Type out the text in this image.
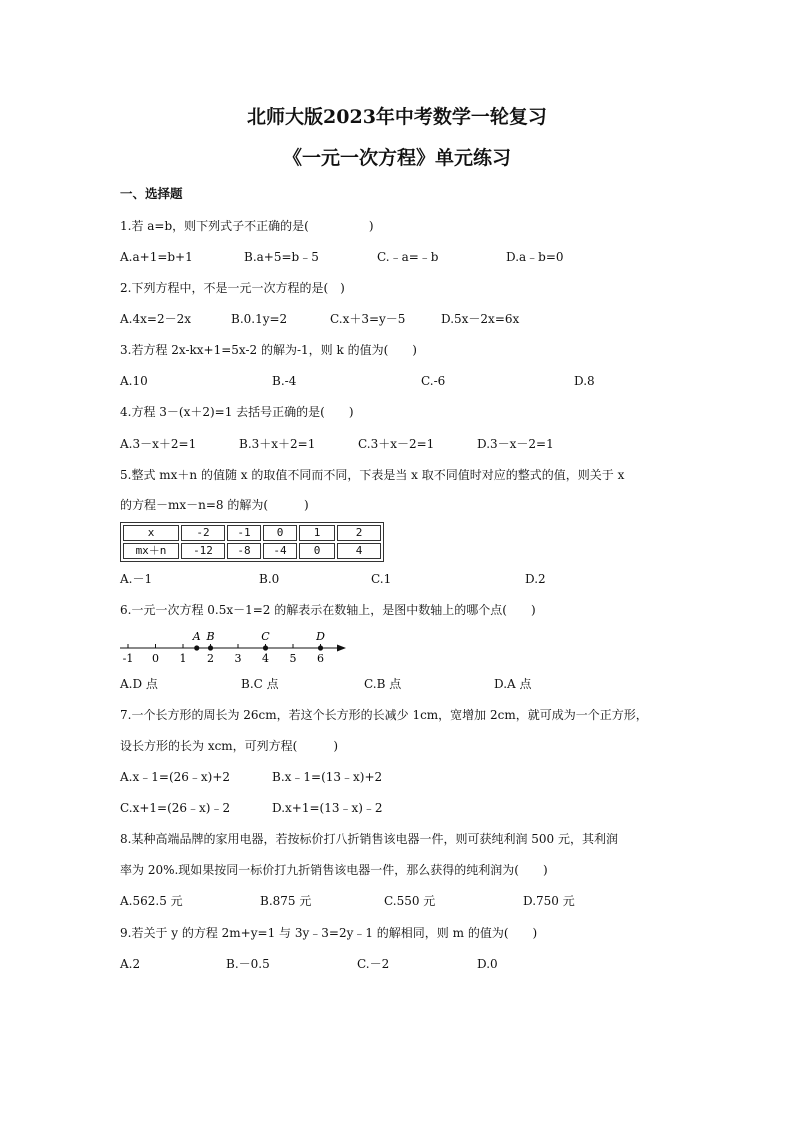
北师大版2023年中考数学一轮复习
《一元一次方程》单元练习
一、选择题
1.若 a=b，则下列式子不正确的是(　　　　　)
A.a+1=b+1	B.a+5=b﹣5	C.﹣a=﹣b	D.a﹣b=0
2.下列方程中，不是一元一次方程的是(　)
A.4x=2－2x	B.0.1y=2	C.x＋3=y－5	D.5x－2x=6x
3.若方程 2x-kx+1=5x-2 的解为-1，则 k 的值为(　　)
A.10	B.-4	C.-6	D.8
4.方程 3－(x＋2)=1 去括号正确的是(　　)
A.3－x＋2=1	B.3＋x＋2=1	C.3＋x－2=1	D.3－x－2=1
5.整式 mx＋n 的值随 x 的取值不同而不同，下表是当 x 取不同值时对应的整式的值，则关于 x
的方程－mx－n=8 的解为(　　　)
x	-2	-1	0	1	2
mx＋n	-12	-8	-4	0	4
A.－1	B.0	C.1	D.2
6.一元一次方程 0.5x－1=2 的解表示在数轴上，是图中数轴上的哪个点(　　)
-1 0 1 2 3 4 5 6
A B	C	D
A.D 点	B.C 点	C.B 点	D.A 点
7.一个长方形的周长为 26cm，若这个长方形的长减少 1cm，宽增加 2cm，就可成为一个正方形，
设长方形的长为 xcm，可列方程(　　　)
A.x﹣1=(26﹣x)+2	B.x﹣1=(13﹣x)+2
C.x+1=(26﹣x)﹣2	D.x+1=(13﹣x)﹣2
8.某种高端品牌的家用电器，若按标价打八折销售该电器一件，则可获纯利润 500 元，其利润
率为 20%.现如果按同一标价打九折销售该电器一件，那么获得的纯利润为(　　)
A.562.5 元	B.875 元	C.550 元	D.750 元
9.若关于 y 的方程 2m+y=1 与 3y﹣3=2y﹣1 的解相同，则 m 的值为(　　)
A.2	B.－0.5	C.－2	D.0
